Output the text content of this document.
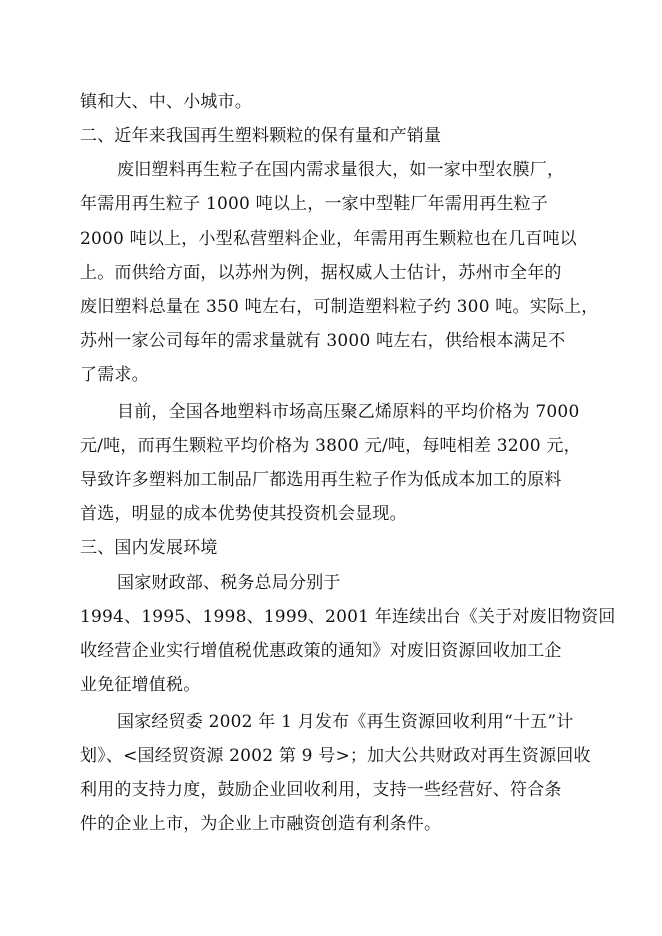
镇和大、中、小城市。
二、近年来我国再生塑料颗粒的保有量和产销量
废旧塑料再生粒子在国内需求量很大，如一家中型农膜厂，
年需用再生粒子 1000 吨以上，一家中型鞋厂年需用再生粒子
2000 吨以上，小型私营塑料企业，年需用再生颗粒也在几百吨以
上。而供给方面，以苏州为例，据权威人士估计，苏州市全年的
废旧塑料总量在 350 吨左右，可制造塑料粒子约 300 吨。实际上，
苏州一家公司每年的需求量就有 3000 吨左右，供给根本满足不
了需求。
目前，全国各地塑料市场高压聚乙烯原料的平均价格为 7000
元/吨，而再生颗粒平均价格为 3800 元/吨，每吨相差 3200 元，
导致许多塑料加工制品厂都选用再生粒子作为低成本加工的原料
首选，明显的成本优势使其投资机会显现。
三、国内发展环境
国家财政部、税务总局分别于
1994、1995、1998、1999、2001 年连续出台《关于对废旧物资回
收经营企业实行增值税优惠政策的通知》对废旧资源回收加工企
业免征增值税。
国家经贸委 2002 年 1 月发布《再生资源回收利用“十五”计
划》、<国经贸资源 2002 第 9 号>；加大公共财政对再生资源回收
利用的支持力度，鼓励企业回收利用，支持一些经营好、符合条
件的企业上市，为企业上市融资创造有利条件。
